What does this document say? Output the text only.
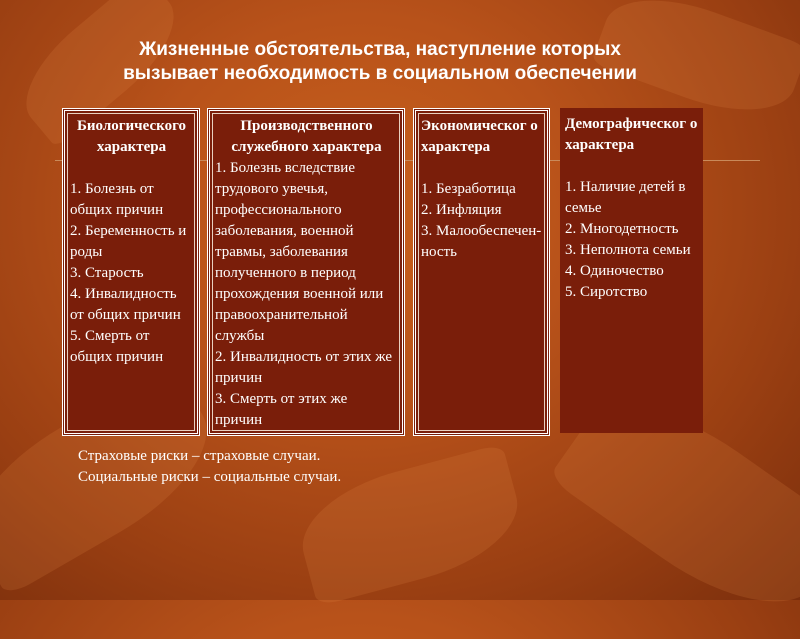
Жизненные обстоятельства, наступление которых
вызывает необходимость в социальном обеспечении
Биологического характера
1. Болезнь от общих причин
2. Беременность и роды
3. Старость
4. Инвалидность от общих причин
5. Смерть от общих причин
Производственного служебного характера
1. Болезнь вследствие трудового увечья, профессионального заболевания, военной травмы, заболевания полученного в период прохождения военной или правоохранительной службы
2. Инвалидность от этих же причин
3. Смерть от этих же причин
Экономическог о характера
1. Безработица
2. Инфляция
3. Малообеспечен-ность
Демографическог о характера
1. Наличие детей в семье
2. Многодетность
3. Неполнота семьи
4. Одиночество
5. Сиротство
Страховые риски – страховые случаи.
Социальные риски – социальные случаи.
